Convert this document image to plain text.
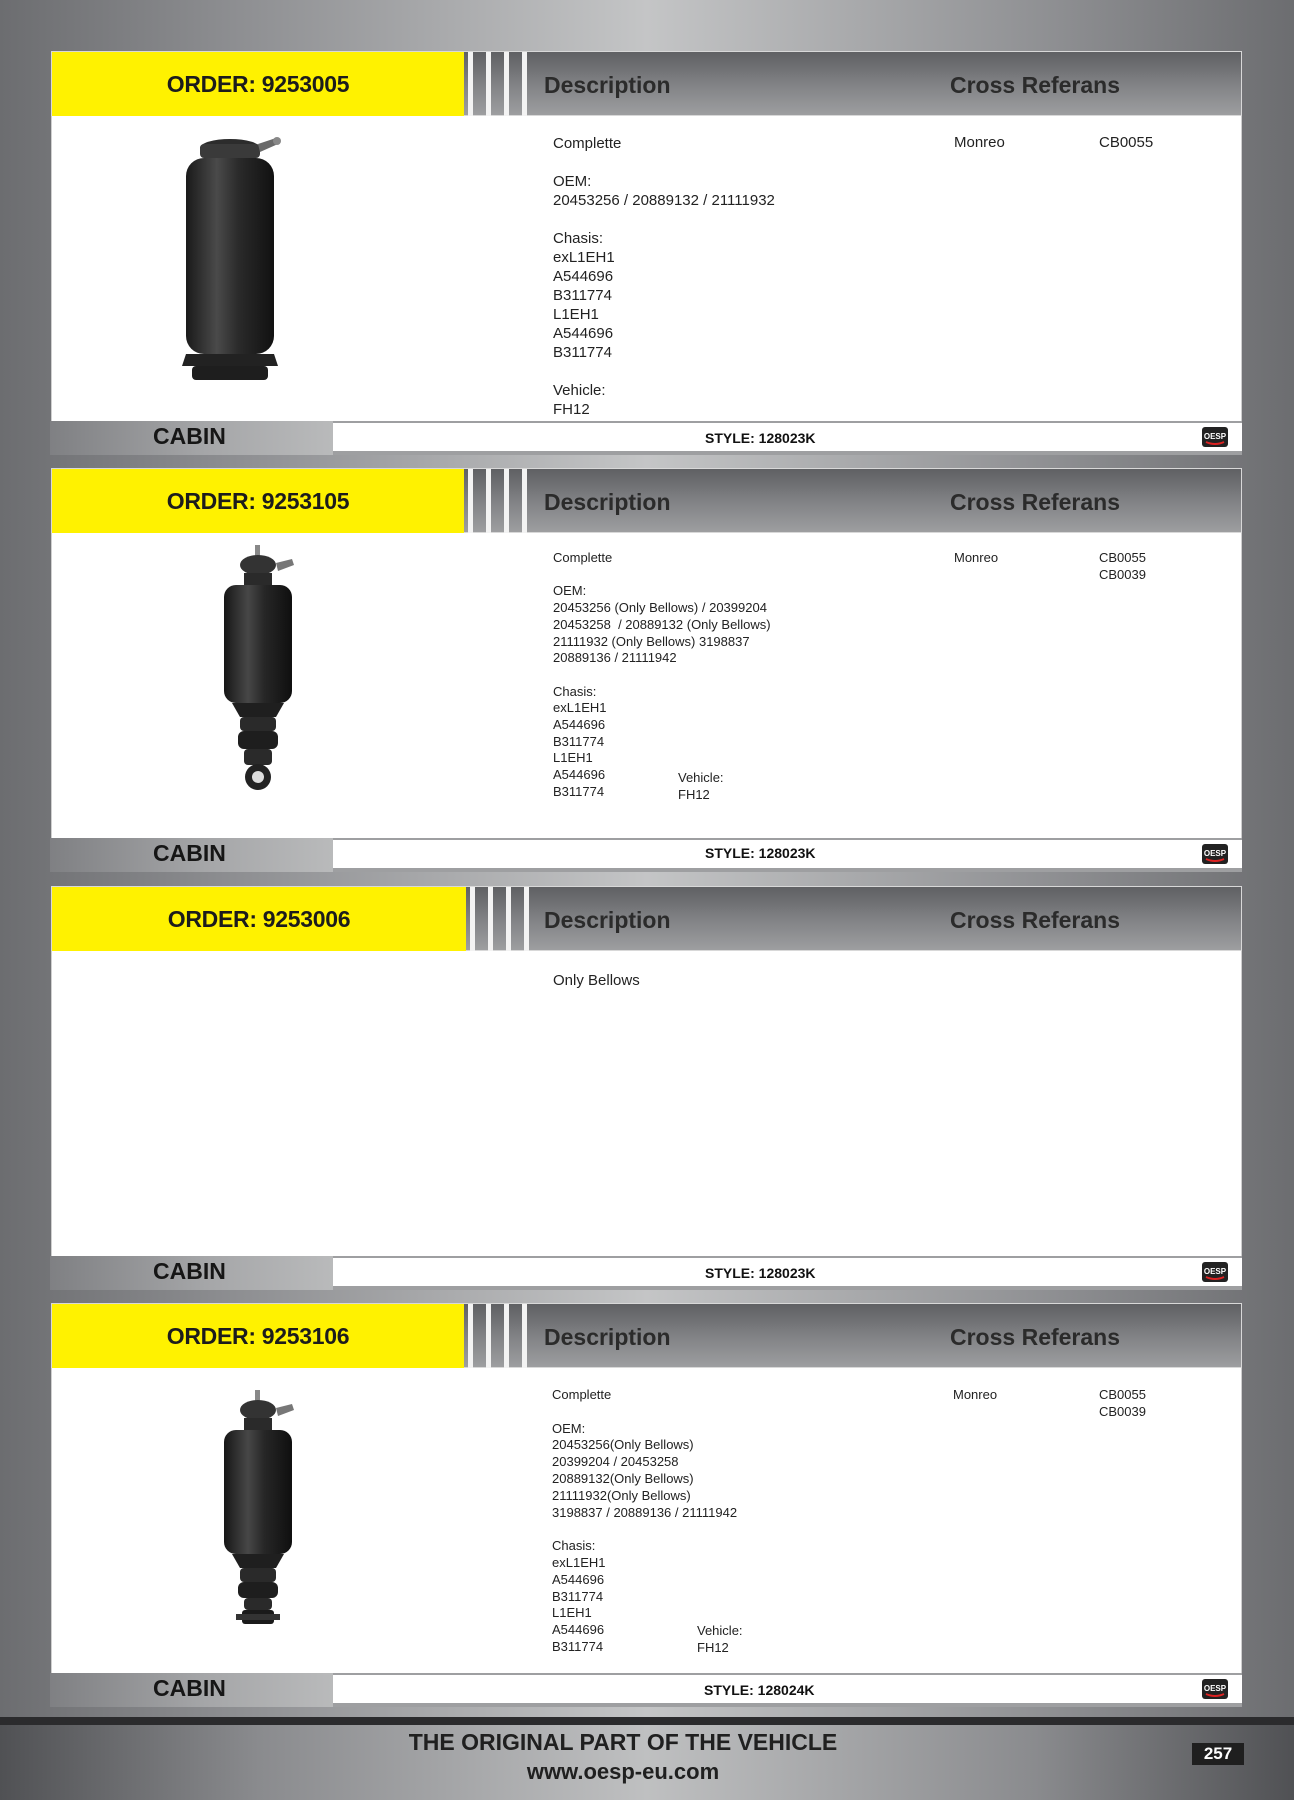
ORDER: 9253005	Description	Cross Referans
Complette

OEM:
20453256 / 20889132 / 21111932

Chasis:
exL1EH1
A544696
B311774
L1EH1
A544696
B311774

Vehicle:
FH12
Monreo	CB0055
CABIN	STYLE: 128023K	OESP
ORDER: 9253105	Description	Cross Referans
Complette

OEM:
20453256 (Only Bellows) / 20399204
20453258  / 20889132 (Only Bellows)
21111932 (Only Bellows) 3198837
20889136 / 21111942

Chasis:
exL1EH1
A544696
B311774
L1EH1
A544696
B311774
Vehicle:
FH12
Monreo	CB0055
CB0039
CABIN	STYLE: 128023K	OESP
ORDER: 9253006	Description	Cross Referans
Only Bellows
CABIN	STYLE: 128023K	OESP
ORDER: 9253106	Description	Cross Referans
Complette

OEM:
20453256(Only Bellows)
20399204 / 20453258
20889132(Only Bellows)
21111932(Only Bellows)
3198837 / 20889136 / 21111942

Chasis:
exL1EH1
A544696
B311774
L1EH1
A544696
B311774
Vehicle:
FH12
Monreo	CB0055
CB0039
CABIN	STYLE: 128024K	OESP
THE ORIGINAL PART OF THE VEHICLE
www.oesp-eu.com
257
